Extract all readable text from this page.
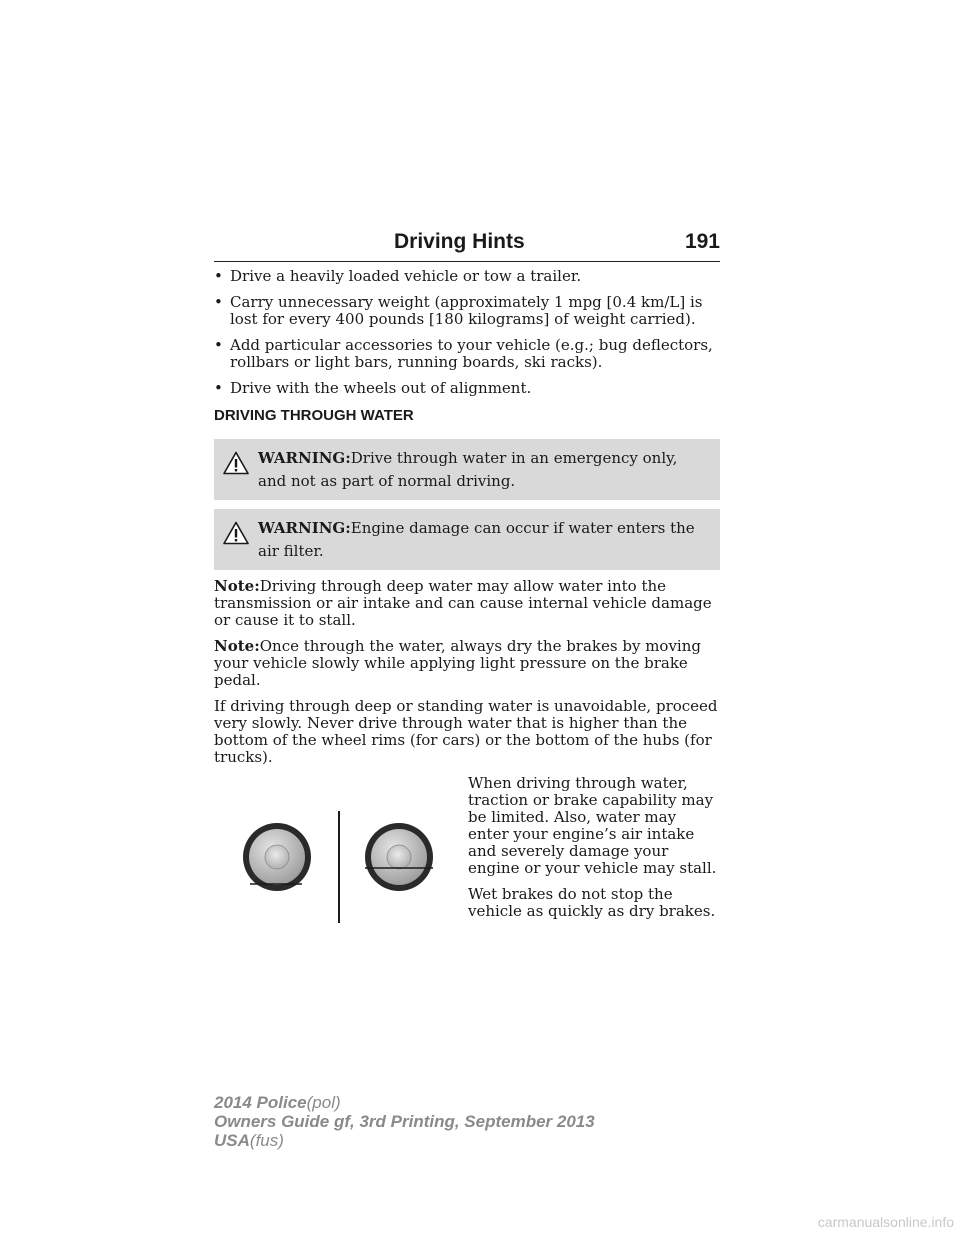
Driving Hints	191
• Drive a heavily loaded vehicle or tow a trailer.
• Carry unnecessary weight (approximately 1 mpg [0.4 km/L] is lost for every 400 pounds [180 kilograms] of weight carried).
• Add particular accessories to your vehicle (e.g.; bug deflectors, rollbars or light bars, running boards, ski racks).
• Drive with the wheels out of alignment.
DRIVING THROUGH WATER
WARNING:Drive through water in an emergency only, and not as part of normal driving.
WARNING:Engine damage can occur if water enters the air filter.

Note:Driving through deep water may allow water into the transmission or air intake and can cause internal vehicle damage or cause it to stall.

Note:Once through the water, always dry the brakes by moving your vehicle slowly while applying light pressure on the brake pedal.

If driving through deep or standing water is unavoidable, proceed very slowly. Never drive through water that is higher than the bottom of the wheel rims (for cars) or the bottom of the hubs (for trucks).

When driving through water, traction or brake capability may be limited. Also, water may enter your engine’s air intake and severely damage your engine or your vehicle may stall.

Wet brakes do not stop the vehicle as quickly as dry brakes.

2014 Police(pol)
Owners Guide gf, 3rd Printing, September 2013
USA(fus)
carmanualsonline.info
